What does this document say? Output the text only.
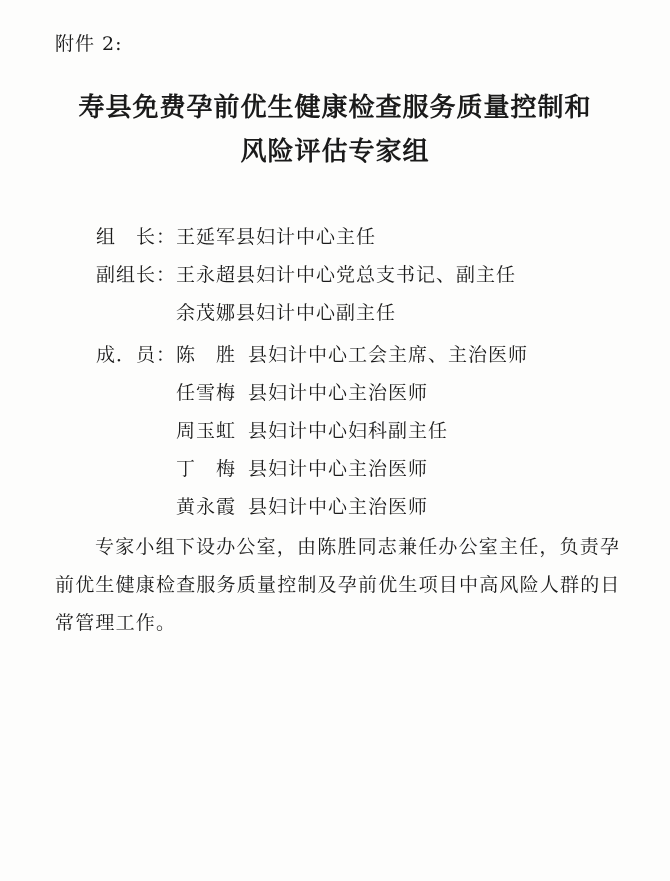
附件 2:
寿县免费孕前优生健康检查服务质量控制和
风险评估专家组
组　长：王延军县妇计中心主任
副组长：王永超县妇计中心党总支书记、副主任
余茂娜县妇计中心副主任
成．员：陈　胜 县妇计中心工会主席、主治医师
任雪梅 县妇计中心主治医师
周玉虹 县妇计中心妇科副主任
丁　梅 县妇计中心主治医师
黄永霞 县妇计中心主治医师
专家小组下设办公室，由陈胜同志兼任办公室主任，负责孕前优生健康检查服务质量控制及孕前优生项目中高风险人群的日常管理工作。
